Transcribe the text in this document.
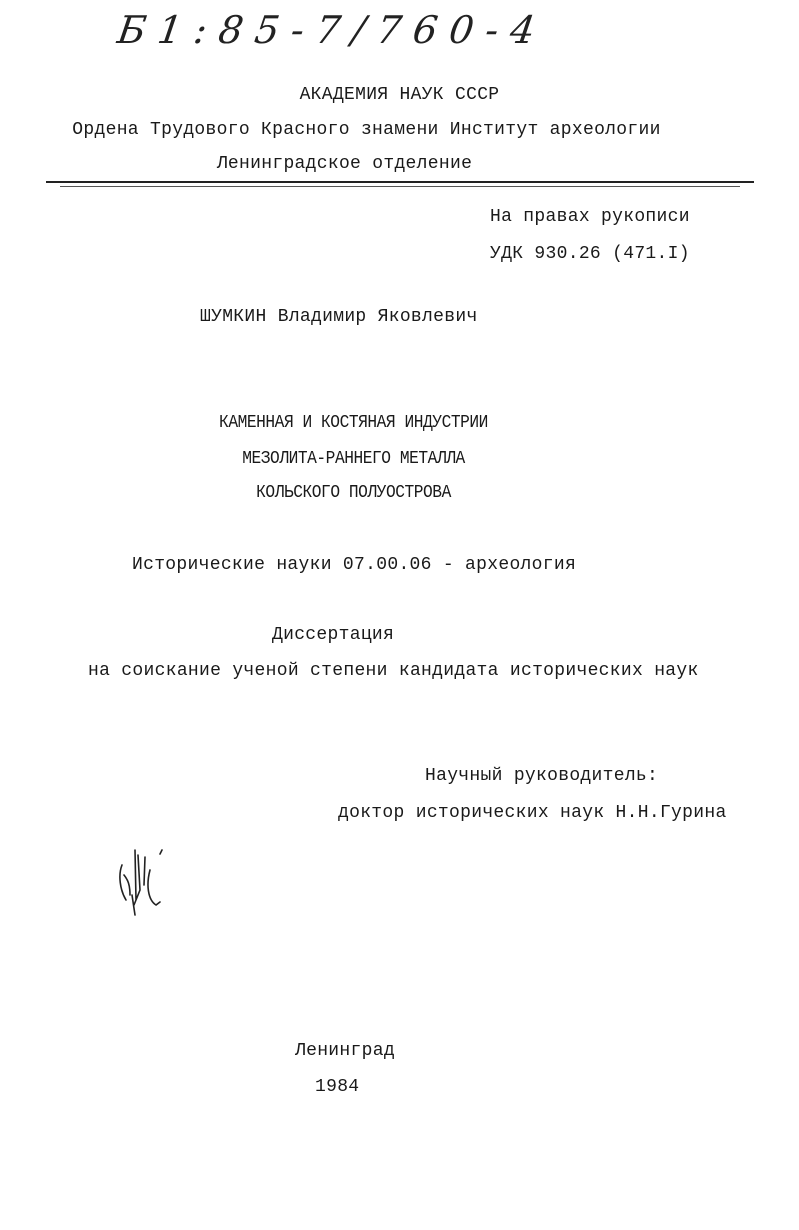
Б1:85-7/760-4
АКАДЕМИЯ НАУК СССР
Ордена Трудового Красного знамени Институт археологии
Ленинградское отделение
На правах рукописи
УДК 930.26 (471.I)
ШУМКИН Владимир Яковлевич
КАМЕННАЯ И КОСТЯНАЯ ИНДУСТРИИ
МЕЗОЛИТА-РАННЕГО МЕТАЛЛА
КОЛЬСКОГО ПОЛУОСТРОВА
Исторические науки 07.00.06 - археология
Диссертация
на соискание ученой степени кандидата исторических наук
Научный руководитель:
доктор исторических наук Н.Н.Гурина
Ленинград
1984
